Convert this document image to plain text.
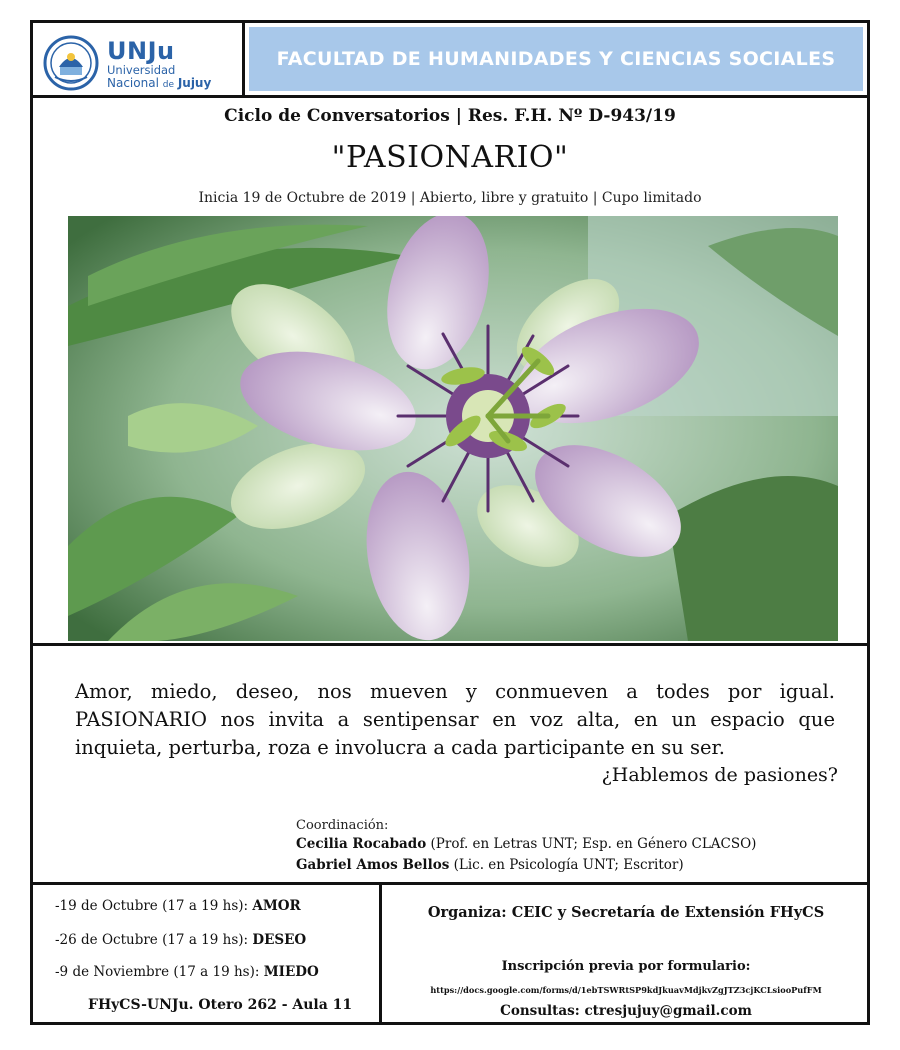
UNJu
Universidad
Nacional de Jujuy
FACULTAD DE HUMANIDADES Y CIENCIAS SOCIALES
Ciclo de Conversatorios | Res. F.H. Nº D-943/19
"PASIONARIO"
Inicia 19 de Octubre de 2019 | Abierto, libre y gratuito | Cupo limitado
Amor, miedo, deseo, nos mueven y conmueven a todes por igual. PASIONARIO nos invita a sentipensar en voz alta, en un espacio que inquieta, perturba, roza e involucra a cada participante en su ser.
¿Hablemos de pasiones?
Coordinación:
Cecilia Rocabado (Prof. en Letras UNT; Esp. en Género CLACSO)
Gabriel Amos Bellos (Lic. en Psicología UNT; Escritor)
-19 de Octubre (17 a 19 hs): AMOR
-26 de Octubre (17 a 19 hs): DESEO
-9 de Noviembre (17 a 19 hs): MIEDO
FHyCS-UNJu. Otero 262 - Aula 11
Organiza: CEIC y Secretaría de Extensión FHyCS
Inscripción previa por formulario:
https://docs.google.com/forms/d/1ebTSWRtSP9kdJkuavMdjkvZgJTZ3cjKCLsiooPufFM
Consultas: ctresjujuy@gmail.com
